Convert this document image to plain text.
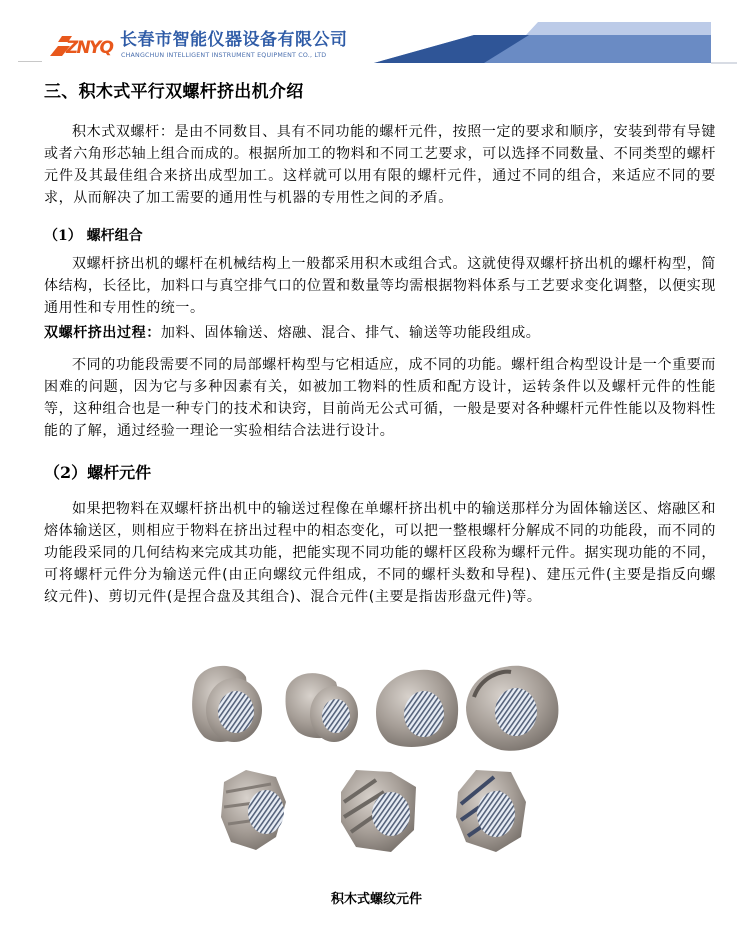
ZNYQ 长春市智能仪器设备有限公司
CHANGCHUN INTELLIGENT INSTRUMENT EQUIPMENT CO., LTD
三、积木式平行双螺杆挤出机介绍
积木式双螺杆：是由不同数目、具有不同功能的螺杆元件，按照一定的要求和顺序，安装到带有导键或者六角形芯轴上组合而成的。根据所加工的物料和不同工艺要求，可以选择不同数量、不同类型的螺杆元件及其最佳组合来挤出成型加工。这样就可以用有限的螺杆元件，通过不同的组合，来适应不同的要求，从而解决了加工需要的通用性与机器的专用性之间的矛盾。
（1） 螺杆组合
双螺杆挤出机的螺杆在机械结构上一般都采用积木或组合式。这就使得双螺杆挤出机的螺杆构型，简体结构，长径比，加料口与真空排气口的位置和数量等均需根据物料体系与工艺要求变化调整，以便实现通用性和专用性的统一。
双螺杆挤出过程：加料、固体输送、熔融、混合、排气、输送等功能段组成。
不同的功能段需要不同的局部螺杆构型与它相适应，成不同的功能。螺杆组合构型设计是一个重要而困难的问题，因为它与多种因素有关，如被加工物料的性质和配方设计，运转条件以及螺杆元件的性能等，这种组合也是一种专门的技术和诀窍，目前尚无公式可循，一般是要对各种螺杆元件性能以及物料性能的了解，通过经验一理论一实验相结合法进行设计。
（2）螺杆元件
如果把物料在双螺杆挤出机中的输送过程像在单螺杆挤出机中的输送那样分为固体输送区、熔融区和熔体输送区，则相应于物料在挤出过程中的相态变化，可以把一整根螺杆分解成不同的功能段，而不同的功能段采同的几何结构来完成其功能，把能实现不同功能的螺杆区段称为螺杆元件。据实现功能的不同，可将螺杆元件分为输送元件(由正向螺纹元件组成，不同的螺杆头数和导程)、建压元件(主要是指反向螺纹元件)、剪切元件(是捏合盘及其组合)、混合元件(主要是指齿形盘元件)等。
积木式螺纹元件
